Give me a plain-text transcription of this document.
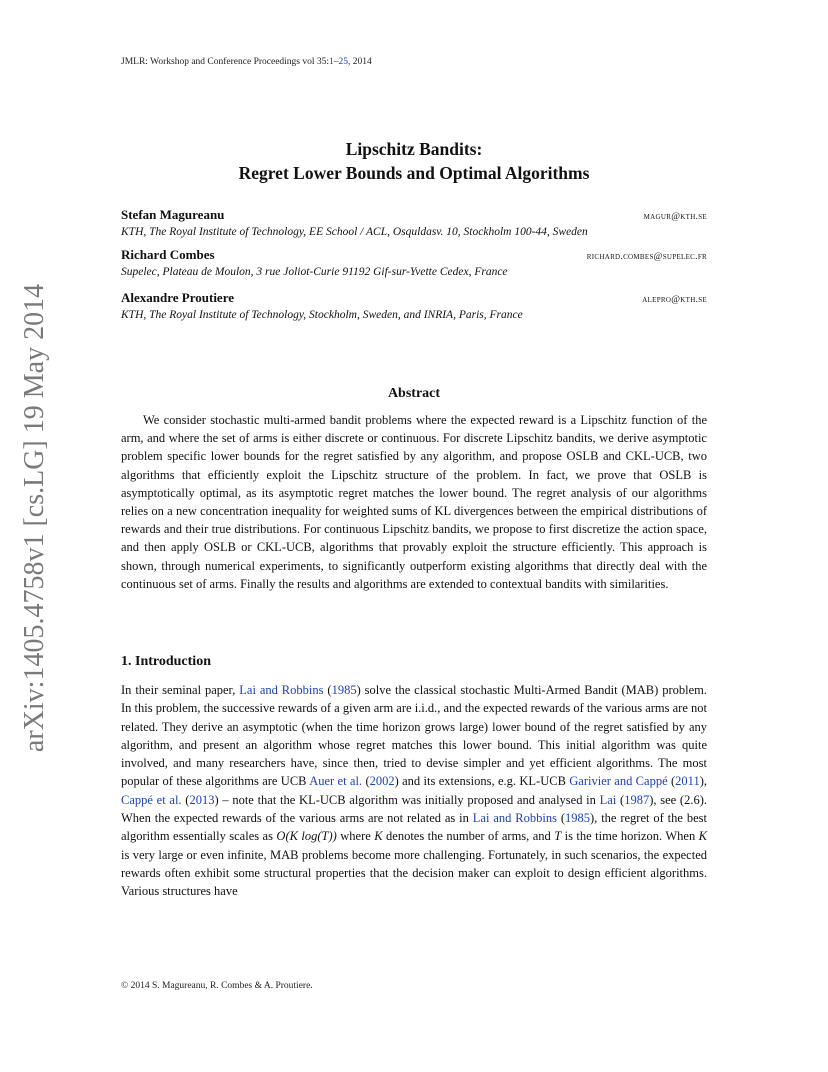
arXiv:1405.4758v1 [cs.LG] 19 May 2014
JMLR: Workshop and Conference Proceedings vol 35:1–25, 2014
Lipschitz Bandits:
Regret Lower Bounds and Optimal Algorithms
Stefan Magureanu	magur@kth.se
KTH, The Royal Institute of Technology, EE School / ACL, Osquldasv. 10, Stockholm 100-44, Sweden
Richard Combes	richard.combes@supelec.fr
Supelec, Plateau de Moulon, 3 rue Joliot-Curie 91192 Gif-sur-Yvette Cedex, France
Alexandre Proutiere	alepro@kth.se
KTH, The Royal Institute of Technology, Stockholm, Sweden, and INRIA, Paris, France
Abstract
We consider stochastic multi-armed bandit problems where the expected reward is a Lipschitz function of the arm, and where the set of arms is either discrete or continuous. For discrete Lipschitz bandits, we derive asymptotic problem specific lower bounds for the regret satisfied by any algorithm, and propose OSLB and CKL-UCB, two algorithms that efficiently exploit the Lipschitz structure of the problem. In fact, we prove that OSLB is asymptotically optimal, as its asymptotic regret matches the lower bound. The regret analysis of our algorithms relies on a new concentration inequality for weighted sums of KL divergences between the empirical distributions of rewards and their true distributions. For continuous Lipschitz bandits, we propose to first discretize the action space, and then apply OSLB or CKL-UCB, algorithms that provably exploit the structure efficiently. This approach is shown, through numerical experiments, to significantly outperform existing algorithms that directly deal with the continuous set of arms. Finally the results and algorithms are extended to contextual bandits with similarities.
1. Introduction
In their seminal paper, Lai and Robbins (1985) solve the classical stochastic Multi-Armed Bandit (MAB) problem. In this problem, the successive rewards of a given arm are i.i.d., and the expected rewards of the various arms are not related. They derive an asymptotic (when the time horizon grows large) lower bound of the regret satisfied by any algorithm, and present an algorithm whose regret matches this lower bound. This initial algorithm was quite involved, and many researchers have, since then, tried to devise simpler and yet efficient algorithms. The most popular of these algorithms are UCB Auer et al. (2002) and its extensions, e.g. KL-UCB Garivier and Cappé (2011), Cappé et al. (2013) – note that the KL-UCB algorithm was initially proposed and analysed in Lai (1987), see (2.6). When the expected rewards of the various arms are not related as in Lai and Robbins (1985), the regret of the best algorithm essentially scales as O(K log(T)) where K denotes the number of arms, and T is the time horizon. When K is very large or even infinite, MAB problems become more challenging. Fortunately, in such scenarios, the expected rewards often exhibit some structural properties that the decision maker can exploit to design efficient algorithms. Various structures have
© 2014 S. Magureanu, R. Combes & A. Proutiere.
